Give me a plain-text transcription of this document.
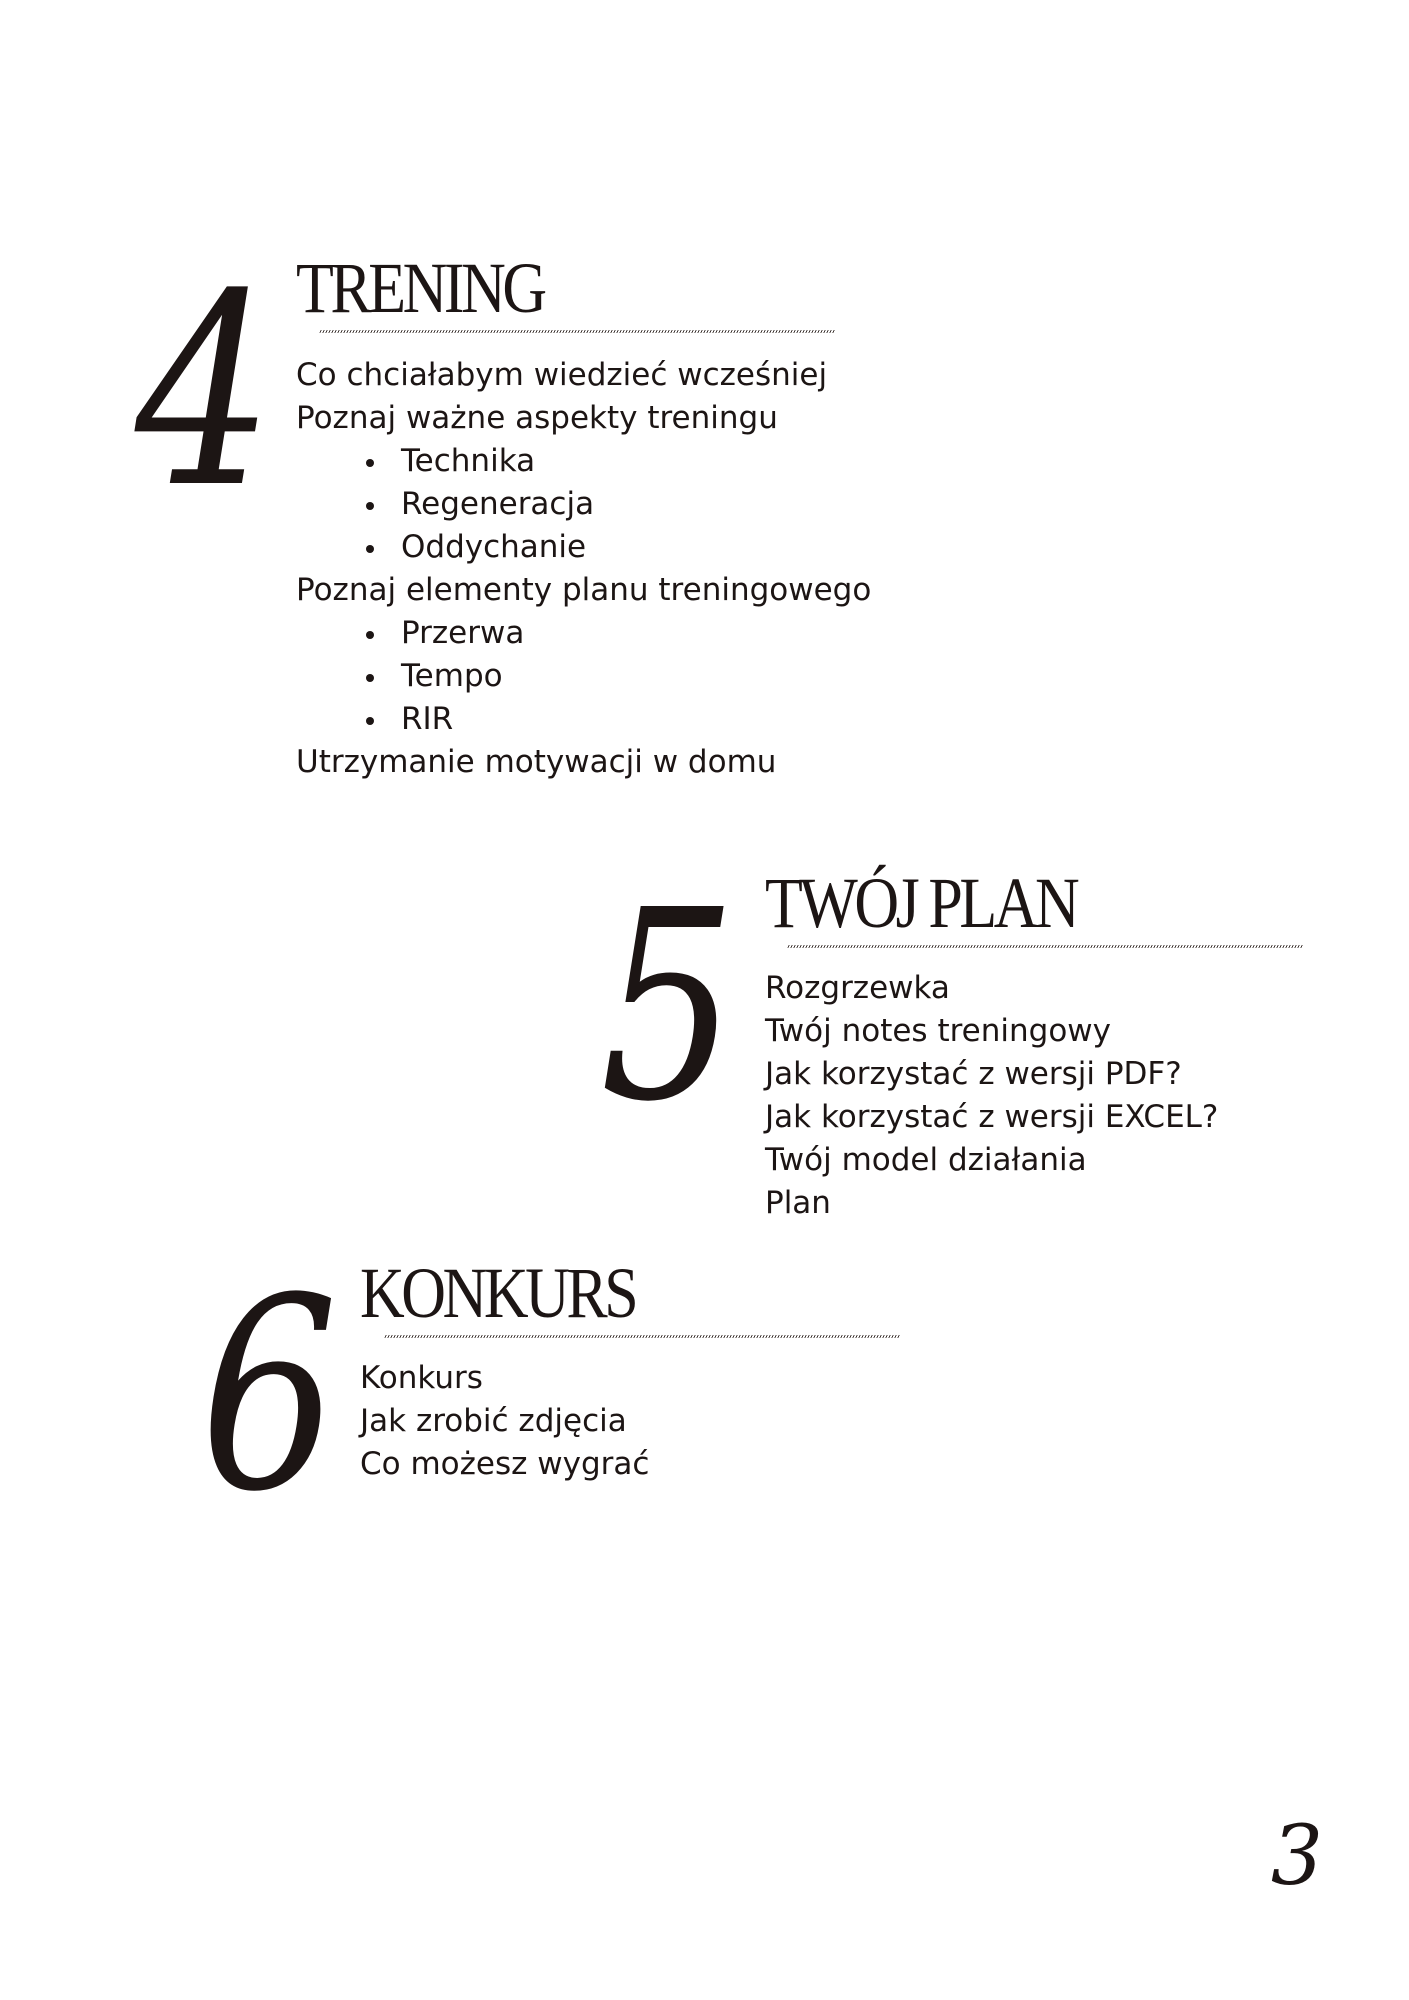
4 TRENING
Co chciałabym wiedzieć wcześniej
Poznaj ważne aspekty treningu
Technika
Regeneracja
Oddychanie
Poznaj elementy planu treningowego
Przerwa
Tempo
RIR
Utrzymanie motywacji w domu
5 TWÓJ PLAN
Rozgrzewka
Twój notes treningowy
Jak korzystać z wersji PDF?
Jak korzystać z wersji EXCEL?
Twój model działania
Plan
6 KONKURS
Konkurs
Jak zrobić zdjęcia
Co możesz wygrać
3
